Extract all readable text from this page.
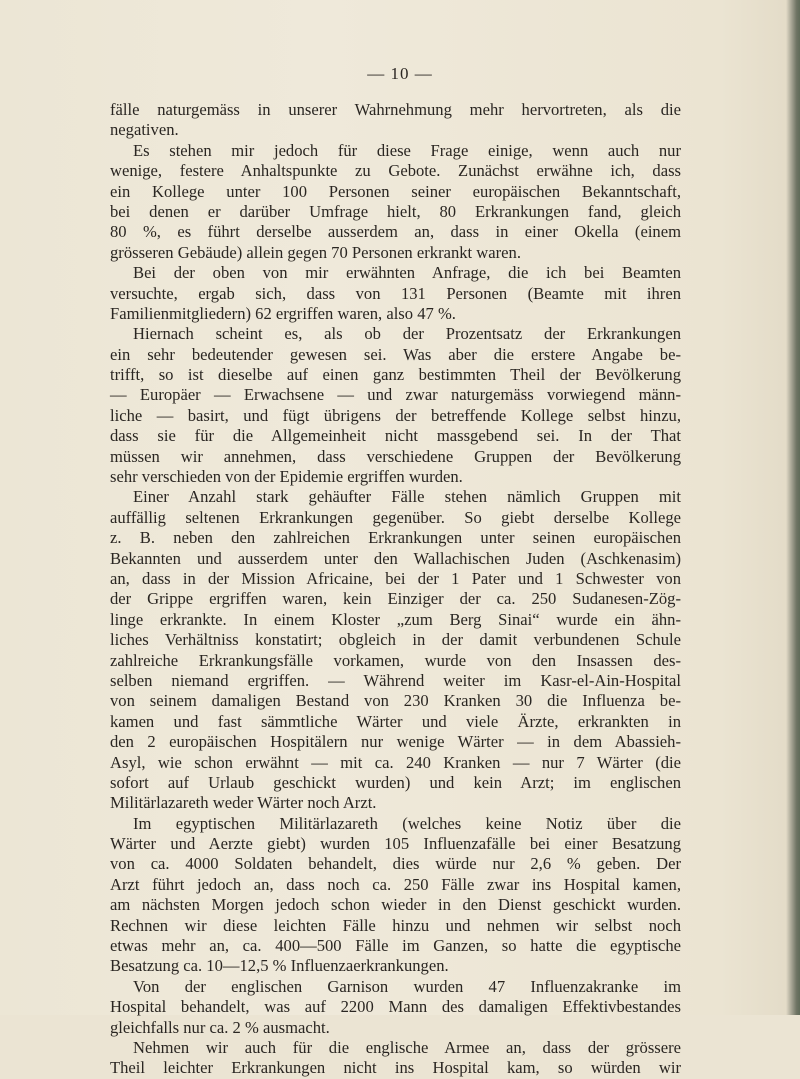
— 10 —
fälle naturgemäss in unserer Wahrnehmung mehr hervortreten, als die
negativen.
Es stehen mir jedoch für diese Frage einige, wenn auch nur
wenige, festere Anhaltspunkte zu Gebote. Zunächst erwähne ich, dass
ein Kollege unter 100 Personen seiner europäischen Bekanntschaft,
bei denen er darüber Umfrage hielt, 80 Erkrankungen fand, gleich
80 %, es führt derselbe ausserdem an, dass in einer Okella (einem
grösseren Gebäude) allein gegen 70 Personen erkrankt waren.
Bei der oben von mir erwähnten Anfrage, die ich bei Beamten
versuchte, ergab sich, dass von 131 Personen (Beamte mit ihren
Familienmitgliedern) 62 ergriffen waren, also 47 %.
Hiernach scheint es, als ob der Prozentsatz der Erkrankungen
ein sehr bedeutender gewesen sei. Was aber die erstere Angabe be-
trifft, so ist dieselbe auf einen ganz bestimmten Theil der Bevölkerung
— Europäer — Erwachsene — und zwar naturgemäss vorwiegend männ-
liche — basirt, und fügt übrigens der betreffende Kollege selbst hinzu,
dass sie für die Allgemeinheit nicht massgebend sei. In der That
müssen wir annehmen, dass verschiedene Gruppen der Bevölkerung
sehr verschieden von der Epidemie ergriffen wurden.
Einer Anzahl stark gehäufter Fälle stehen nämlich Gruppen mit
auffällig seltenen Erkrankungen gegenüber. So giebt derselbe Kollege
z. B. neben den zahlreichen Erkrankungen unter seinen europäischen
Bekannten und ausserdem unter den Wallachischen Juden (Aschkenasim)
an, dass in der Mission Africaine, bei der 1 Pater und 1 Schwester von
der Grippe ergriffen waren, kein Einziger der ca. 250 Sudanesen-Zög-
linge erkrankte. In einem Kloster „zum Berg Sinai“ wurde ein ähn-
liches Verhältniss konstatirt; obgleich in der damit verbundenen Schule
zahlreiche Erkrankungsfälle vorkamen, wurde von den Insassen des-
selben niemand ergriffen. — Während weiter im Kasr-el-Ain-Hospital
von seinem damaligen Bestand von 230 Kranken 30 die Influenza be-
kamen und fast sämmtliche Wärter und viele Ärzte, erkrankten in
den 2 europäischen Hospitälern nur wenige Wärter — in dem Abassieh-
Asyl, wie schon erwähnt — mit ca. 240 Kranken — nur 7 Wärter (die
sofort auf Urlaub geschickt wurden) und kein Arzt; im englischen
Militärlazareth weder Wärter noch Arzt.
Im egyptischen Militärlazareth (welches keine Notiz über die
Wärter und Aerzte giebt) wurden 105 Influenzafälle bei einer Besatzung
von ca. 4000 Soldaten behandelt, dies würde nur 2,6 % geben. Der
Arzt führt jedoch an, dass noch ca. 250 Fälle zwar ins Hospital kamen,
am nächsten Morgen jedoch schon wieder in den Dienst geschickt wurden.
Rechnen wir diese leichten Fälle hinzu und nehmen wir selbst noch
etwas mehr an, ca. 400—500 Fälle im Ganzen, so hatte die egyptische
Besatzung ca. 10—12,5 % Influenzaerkrankungen.
Von der englischen Garnison wurden 47 Influenzakranke im
Hospital behandelt, was auf 2200 Mann des damaligen Effektivbestandes
gleichfalls nur ca. 2 % ausmacht.
Nehmen wir auch für die englische Armee an, dass der grössere
Theil leichter Erkrankungen nicht ins Hospital kam, so würden wir
